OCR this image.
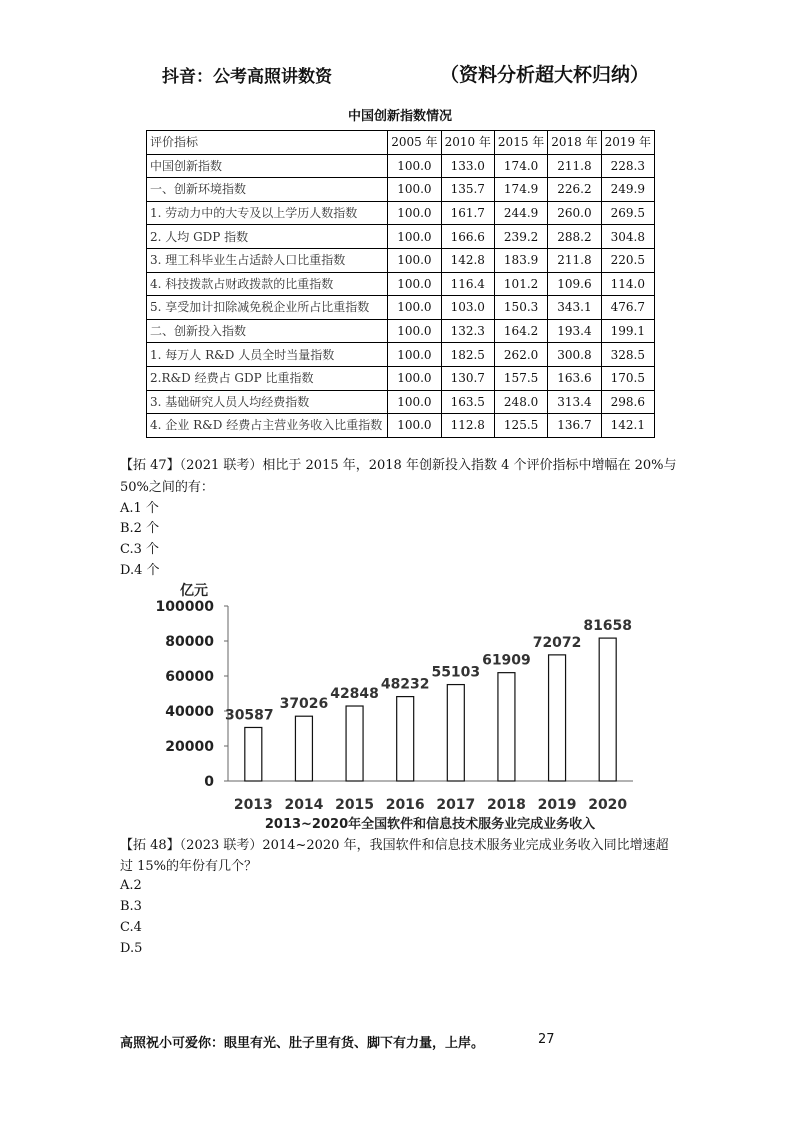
抖音：公考高照讲数资	（资料分析超大杯归纳）
中国创新指数情况
评价指标	2005 年	2010 年	2015 年	2018 年	2019 年
中国创新指数	100.0	133.0	174.0	211.8	228.3
一、创新环境指数	100.0	135.7	174.9	226.2	249.9
1. 劳动力中的大专及以上学历人数指数	100.0	161.7	244.9	260.0	269.5
2. 人均 GDP 指数	100.0	166.6	239.2	288.2	304.8
3. 理工科毕业生占适龄人口比重指数	100.0	142.8	183.9	211.8	220.5
4. 科技拨款占财政拨款的比重指数	100.0	116.4	101.2	109.6	114.0
5. 享受加计扣除减免税企业所占比重指数	100.0	103.0	150.3	343.1	476.7
二、创新投入指数	100.0	132.3	164.2	193.4	199.1
1. 每万人 R&D 人员全时当量指数	100.0	182.5	262.0	300.8	328.5
2.R&D 经费占 GDP 比重指数	100.0	130.7	157.5	163.6	170.5
3. 基础研究人员人均经费指数	100.0	163.5	248.0	313.4	298.6
4. 企业 R&D 经费占主营业务收入比重指数	100.0	112.8	125.5	136.7	142.1
【拓 47】（2021 联考）相比于 2015 年，2018 年创新投入指数 4 个评价指标中增幅在 20%与
50%之间的有：
A.1 个
B.2 个
C.3 个
D.4 个
亿元
0
20000
40000
60000
80000
100000
30587
37026
42848
48232
55103
61909
72072
81658
2013 2014 2015 2016 2017 2018 2019 2020
2013~2020年全国软件和信息技术服务业完成业务收入
【拓 48】（2023 联考）2014~2020 年，我国软件和信息技术服务业完成业务收入同比增速超
过 15%的年份有几个？
A.2
B.3
C.4
D.5
高照祝小可爱你：眼里有光、肚子里有货、脚下有力量，上岸。	27
